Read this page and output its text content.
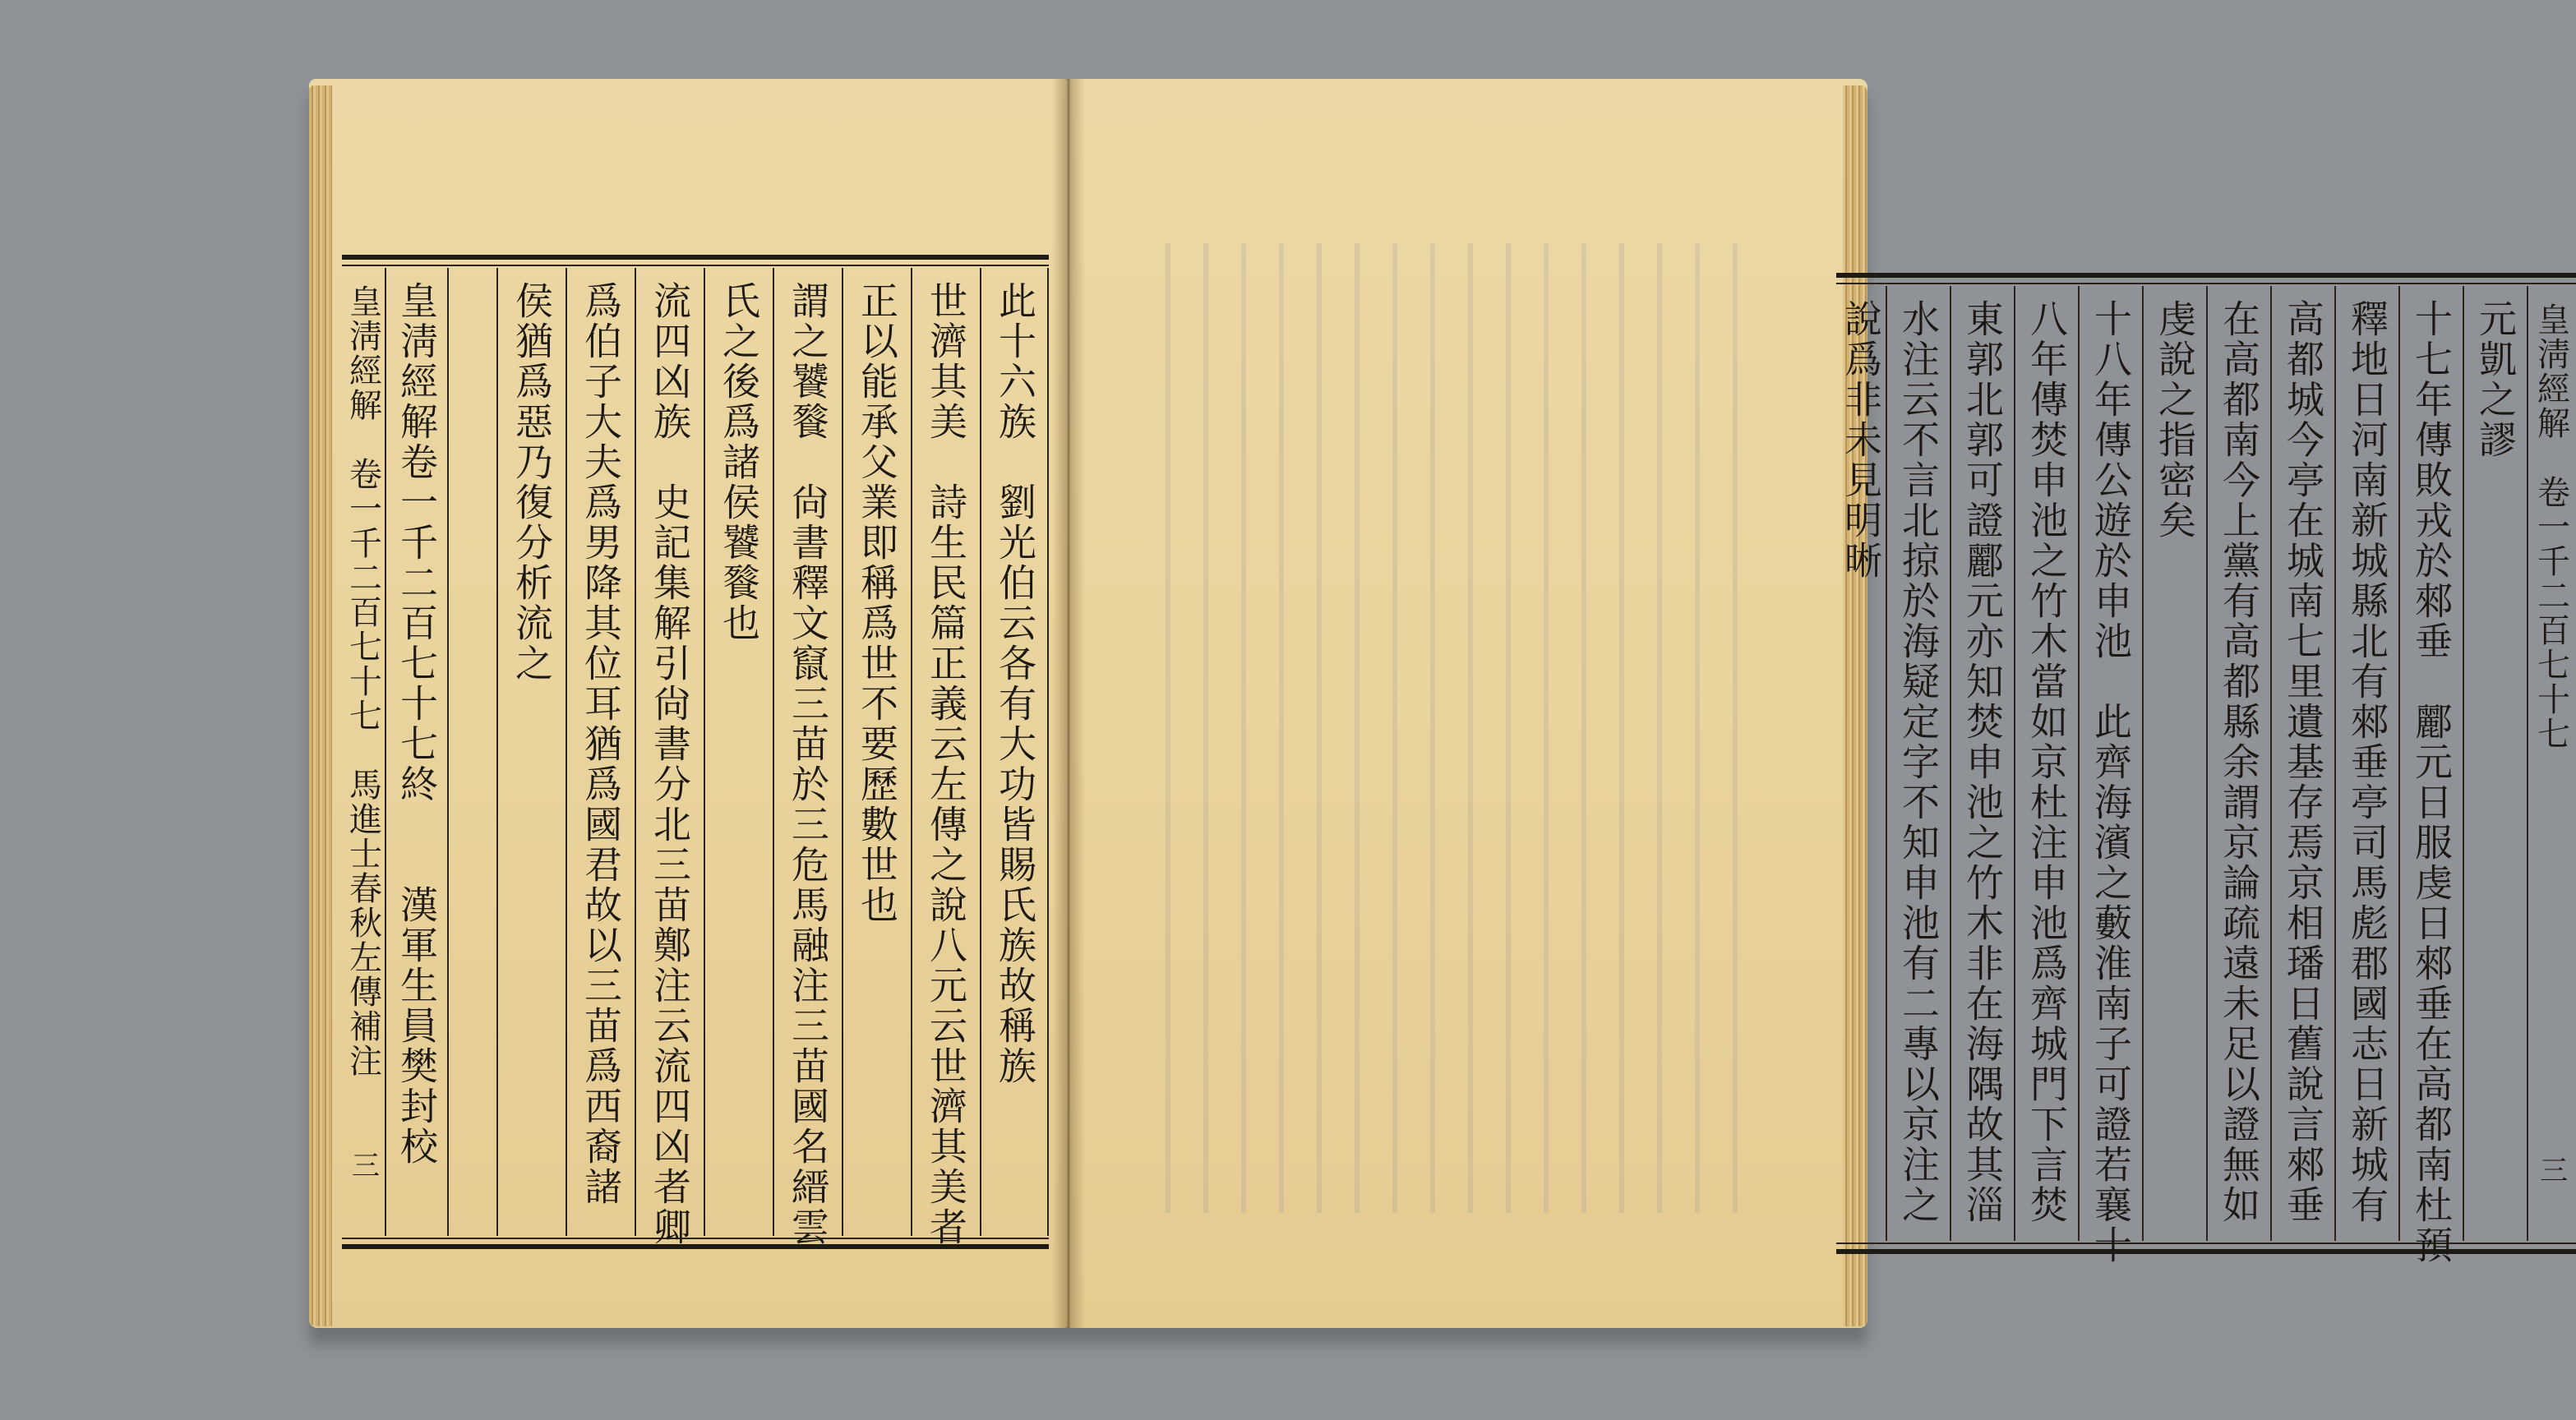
皇淸經解　卷一千二百七十七　馬進士春秋左傳補注
三
此十六族　劉光伯云各有大功皆賜氏族故稱族
世濟其美　詩生民篇正義云左傳之說八元云世濟其美者
正以能承父業即稱爲世不要歷數世也
謂之饕餮　尙書釋文竄三苗於三危馬融注三苗國名縉雲
氏之後爲諸侯饕餮也
流四凶族　史記集解引尙書分北三苗鄭注云流四凶者卿
爲伯子大夫爲男降其位耳猶爲國君故以三苗爲西裔諸
侯猶爲惡乃復分析流之
皇淸經解卷一千二百七十七終　　漢軍生員樊封校	皇淸經解　卷一千二百七十七
三
元凱之謬
十七年傳敗戎於郲垂　酈元日服虔日郲垂在高都南杜預
釋地日河南新城縣北有郲垂亭司馬彪郡國志日新城有
高都城今亭在城南七里遺基存焉京相璠日舊說言郲垂
在高都南今上黨有高都縣余謂京論疏遠未足以證無如
虔說之指密矣
十八年傳公遊於申池　此齊海濱之藪淮南子可證若襄十
八年傳焚申池之竹木當如京杜注申池爲齊城門下言焚
東郭北郭可證酈元亦知焚申池之竹木非在海隅故其淄
水注云不言北掠於海疑定字不知申池有二專以京注之
說爲非未見明晰
